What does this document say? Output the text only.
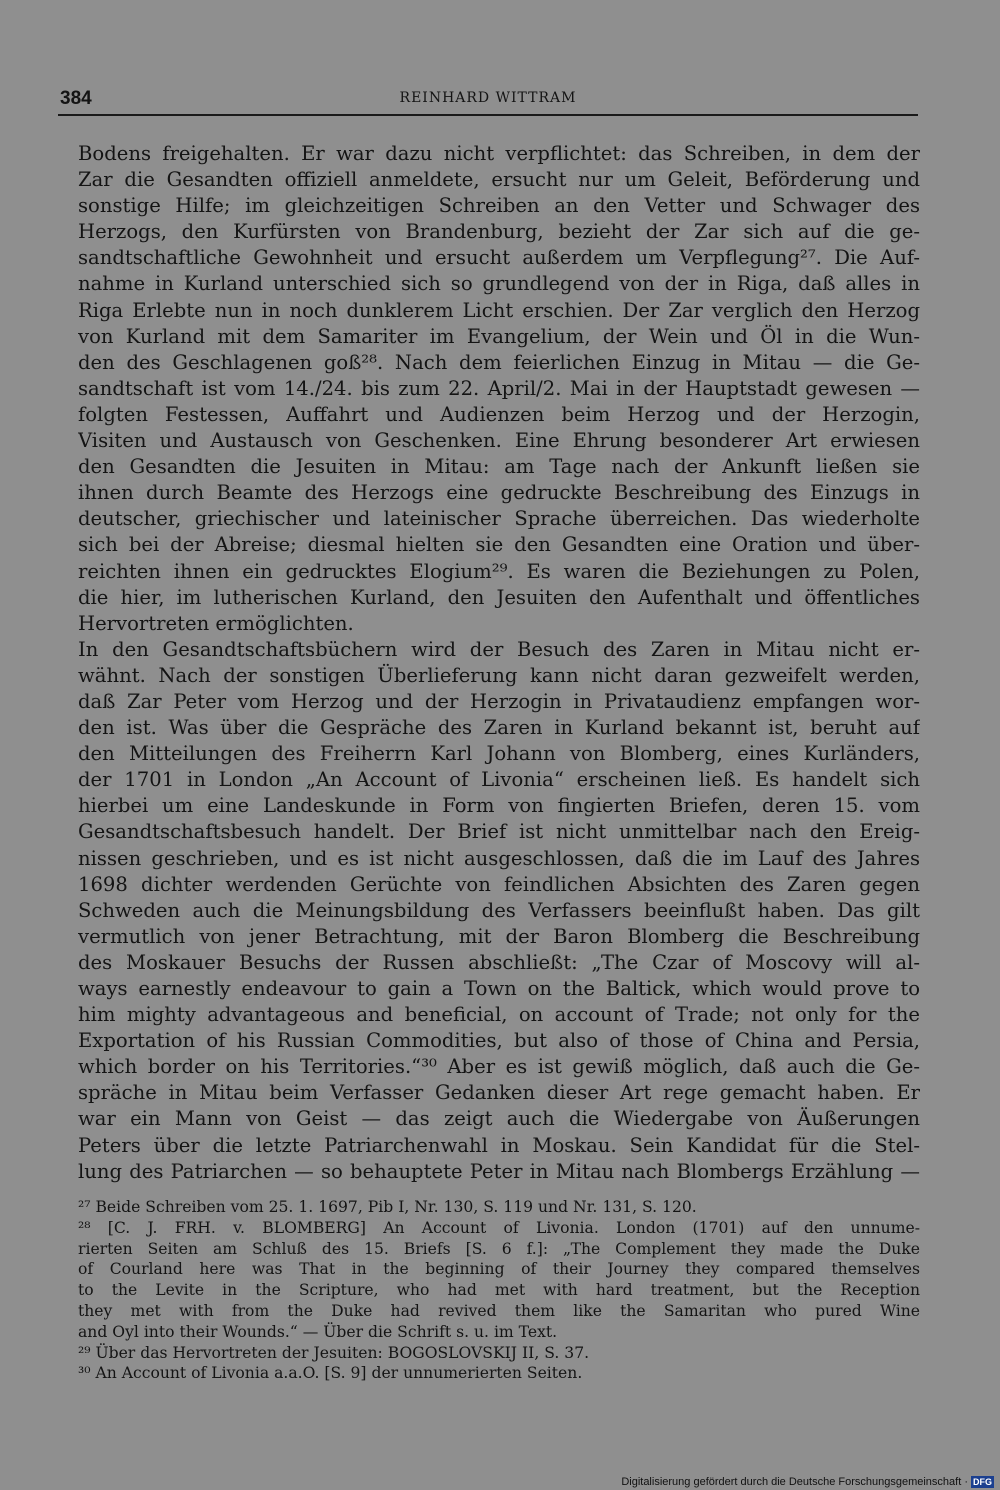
384	REINHARD WITTRAM
Bodens freigehalten. Er war dazu nicht verpflichtet: das Schreiben, in dem der
Zar die Gesandten offiziell anmeldete, ersucht nur um Geleit, Beförderung und
sonstige Hilfe; im gleichzeitigen Schreiben an den Vetter und Schwager des
Herzogs, den Kurfürsten von Brandenburg, bezieht der Zar sich auf die ge-
sandtschaftliche Gewohnheit und ersucht außerdem um Verpflegung²⁷. Die Auf-
nahme in Kurland unterschied sich so grundlegend von der in Riga, daß alles in
Riga Erlebte nun in noch dunklerem Licht erschien. Der Zar verglich den Herzog
von Kurland mit dem Samariter im Evangelium, der Wein und Öl in die Wun-
den des Geschlagenen goß²⁸. Nach dem feierlichen Einzug in Mitau — die Ge-
sandtschaft ist vom 14./24. bis zum 22. April/2. Mai in der Hauptstadt gewesen —
folgten Festessen, Auffahrt und Audienzen beim Herzog und der Herzogin,
Visiten und Austausch von Geschenken. Eine Ehrung besonderer Art erwiesen
den Gesandten die Jesuiten in Mitau: am Tage nach der Ankunft ließen sie
ihnen durch Beamte des Herzogs eine gedruckte Beschreibung des Einzugs in
deutscher, griechischer und lateinischer Sprache überreichen. Das wiederholte
sich bei der Abreise; diesmal hielten sie den Gesandten eine Oration und über-
reichten ihnen ein gedrucktes Elogium²⁹. Es waren die Beziehungen zu Polen,
die hier, im lutherischen Kurland, den Jesuiten den Aufenthalt und öffentliches
Hervortreten ermöglichten.
In den Gesandtschaftsbüchern wird der Besuch des Zaren in Mitau nicht er-
wähnt. Nach der sonstigen Überlieferung kann nicht daran gezweifelt werden,
daß Zar Peter vom Herzog und der Herzogin in Privataudienz empfangen wor-
den ist. Was über die Gespräche des Zaren in Kurland bekannt ist, beruht auf
den Mitteilungen des Freiherrn Karl Johann von Blomberg, eines Kurländers,
der 1701 in London „An Account of Livonia“ erscheinen ließ. Es handelt sich
hierbei um eine Landeskunde in Form von fingierten Briefen, deren 15. vom
Gesandtschaftsbesuch handelt. Der Brief ist nicht unmittelbar nach den Ereig-
nissen geschrieben, und es ist nicht ausgeschlossen, daß die im Lauf des Jahres
1698 dichter werdenden Gerüchte von feindlichen Absichten des Zaren gegen
Schweden auch die Meinungsbildung des Verfassers beeinflußt haben. Das gilt
vermutlich von jener Betrachtung, mit der Baron Blomberg die Beschreibung
des Moskauer Besuchs der Russen abschließt: „The Czar of Moscovy will al-
ways earnestly endeavour to gain a Town on the Baltick, which would prove to
him mighty advantageous and beneficial, on account of Trade; not only for the
Exportation of his Russian Commodities, but also of those of China and Persia,
which border on his Territories.“³⁰ Aber es ist gewiß möglich, daß auch die Ge-
spräche in Mitau beim Verfasser Gedanken dieser Art rege gemacht haben. Er
war ein Mann von Geist — das zeigt auch die Wiedergabe von Äußerungen
Peters über die letzte Patriarchenwahl in Moskau. Sein Kandidat für die Stel-
lung des Patriarchen — so behauptete Peter in Mitau nach Blombergs Erzählung —
²⁷ Beide Schreiben vom 25. 1. 1697, Pib I, Nr. 130, S. 119 und Nr. 131, S. 120.
²⁸ [C. J. FRH. v. BLOMBERG] An Account of Livonia. London (1701) auf den unnume-
rierten Seiten am Schluß des 15. Briefs [S. 6 f.]: „The Complement they made the Duke
of Courland here was That in the beginning of their Journey they compared themselves
to the Levite in the Scripture, who had met with hard treatment, but the Reception
they met with from the Duke had revived them like the Samaritan who pured Wine
and Oyl into their Wounds.“ — Über die Schrift s. u. im Text.
²⁹ Über das Hervortreten der Jesuiten: BOGOSLOVSKIJ II, S. 37.
³⁰ An Account of Livonia a.a.O. [S. 9] der unnumerierten Seiten.
Digitalisierung gefördert durch die Deutsche Forschungsgemeinschaft · DFG
